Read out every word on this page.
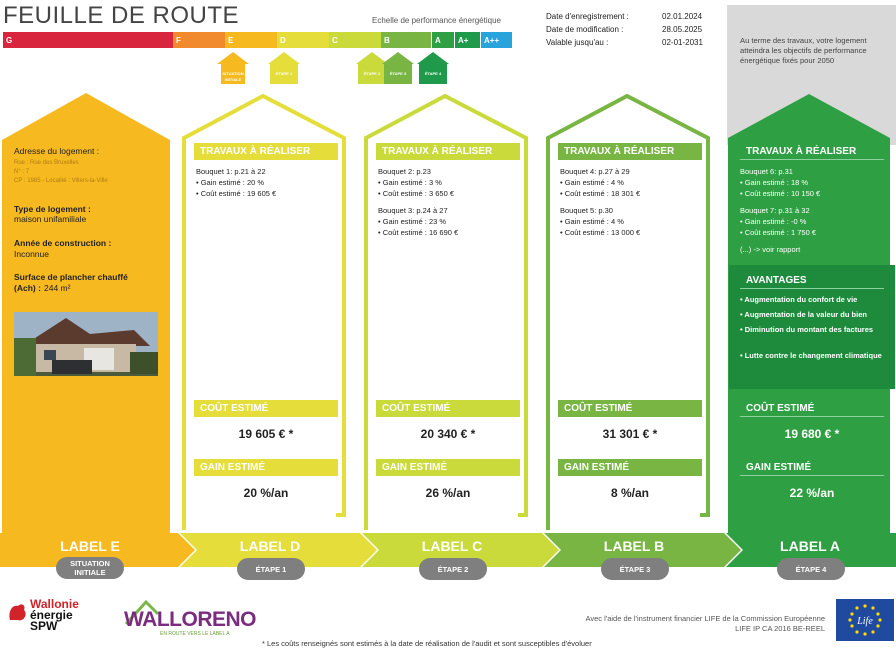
FEUILLE DE ROUTE	Echelle de performance énergétique
G	F	E	D	C	B	A	A+	A++
SITUATION
INITIALE
ÉTAPE 1	ÉTAPE 2 ÉTAPE 3	ÉTAPE 4
Date d'enregistrement :	02.01.2024
Date de modification :	28.05.2025
Valable jusqu'au :	02-01-2031	Au terme des travaux, votre logement atteindra les objectifs de performance énergétique fixés pour 2050
Adresse du logement :
Rue : Rue des Bruxelles
N° : 7
CP : 1985 - Localité : Villers-la-Ville
Type de logement :
maison unifamiliale
Année de construction :
Inconnue
Surface de plancher chauffé
(Ach) : 244 m²
TRAVAUX À RÉALISER
Bouquet 1: p.21 à 22
• Gain estimé : 20 %
• Coût estimé : 19 605 €
TRAVAUX À RÉALISER
Bouquet 2: p.23
• Gain estimé : 3 %
• Coût estimé : 3 650 €
Bouquet 3: p.24 à 27
• Gain estimé : 23 %
• Coût estimé : 16 690 €
TRAVAUX À RÉALISER
Bouquet 4: p.27 à 29
• Gain estimé : 4 %
• Coût estimé : 18 301 €
Bouquet 5: p.30
• Gain estimé : 4 %
• Coût estimé : 13 000 €
TRAVAUX À RÉALISER
Bouquet 6: p.31
• Gain estimé : 18 %
• Coût estimé : 10 150 €
Bouquet 7: p.31 à 32
• Gain estimé : -0 %
• Coût estimé : 1 750 €
(...) -> voir rapport
AVANTAGES
• Augmentation du confort de vie
• Augmentation de la valeur du bien
• Diminution du montant des factures
• Lutte contre le changement climatique
COÛT ESTIMÉ
19 605 € *
GAIN ESTIMÉ
20 %/an
COÛT ESTIMÉ
20 340 € *
GAIN ESTIMÉ
26 %/an
COÛT ESTIMÉ
31 301 € *
GAIN ESTIMÉ
8 %/an
COÛT ESTIMÉ
19 680 € *
GAIN ESTIMÉ
22 %/an
LABEL E	LABEL D	LABEL C	LABEL B	LABEL A
SITUATION INITIALE	ÉTAPE 1	ÉTAPE 2	ÉTAPE 3	ÉTAPE 4
Wallonie
énergie
SPW	WALLORENO
EN ROUTE VERS LE LABEL A
Avec l'aide de l'instrument financier LIFE de la Commission Européenne
LIFE IP CA 2016 BE-REEL
Life
* Les coûts renseignés sont estimés à la date de réalisation de l'audit et sont susceptibles d'évoluer
